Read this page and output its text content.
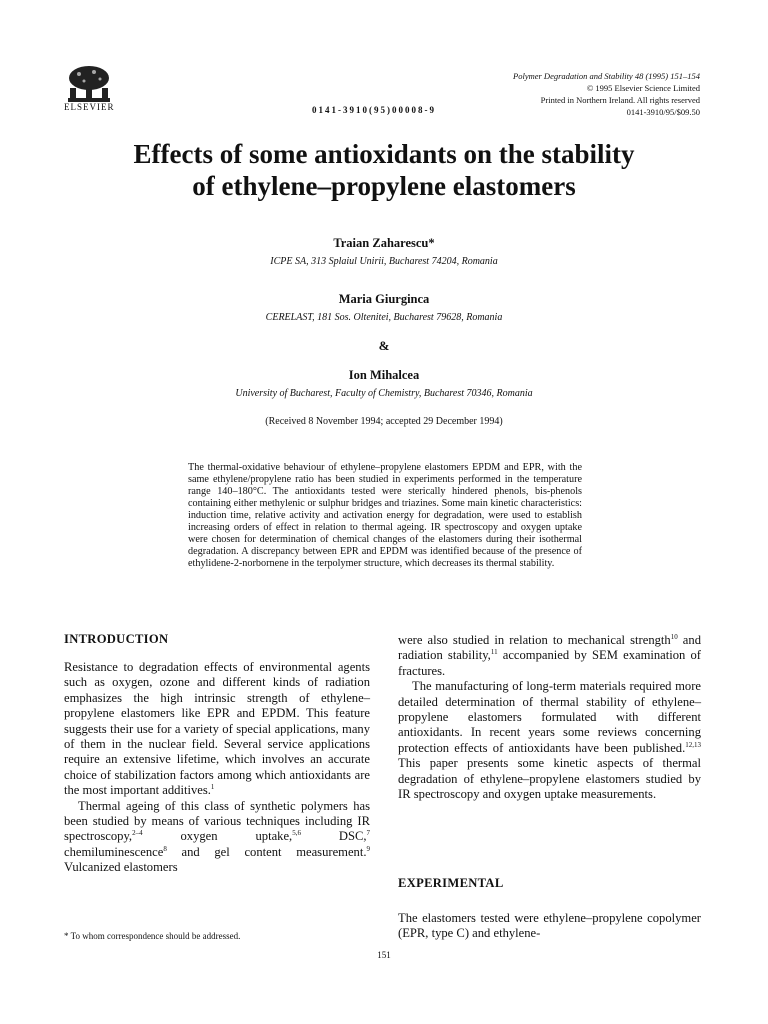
ELSEVIER	0141-3910(95)00008-9
Polymer Degradation and Stability 48 (1995) 151–154
© 1995 Elsevier Science Limited
Printed in Northern Ireland. All rights reserved
0141-3910/95/$09.50
Effects of some antioxidants on the stability
of ethylene–propylene elastomers
Traian Zaharescu*
ICPE SA, 313 Splaiul Unirii, Bucharest 74204, Romania
Maria Giurginca
CERELAST, 181 Sos. Oltenitei, Bucharest 79628, Romania
&
Ion Mihalcea
University of Bucharest, Faculty of Chemistry, Bucharest 70346, Romania
(Received 8 November 1994; accepted 29 December 1994)
The thermal-oxidative behaviour of ethylene–propylene elastomers EPDM and EPR, with the same ethylene/propylene ratio has been studied in experiments performed in the temperature range 140–180°C. The antioxidants tested were sterically hindered phenols, bis-phenols containing either methylenic or sulphur bridges and triazines. Some main kinetic characteristics: induction time, relative activity and activation energy for degradation, were used to establish increasing orders of effect in relation to thermal ageing. IR spectroscopy and oxygen uptake were chosen for determination of chemical changes of the elastomers during their isothermal degradation. A discrepancy between EPR and EPDM was identified because of the presence of ethylidene-2-norbornene in the terpolymer structure, which decreases its thermal stability.
INTRODUCTION

Resistance to degradation effects of environmental agents such as oxygen, ozone and different kinds of radiation emphasizes the high intrinsic strength of ethylene–propylene elastomers like EPR and EPDM. This feature suggests their use for a variety of special applications, many of them in the nuclear field. Several service applications require an extensive lifetime, which involves an accurate choice of stabilization factors among which antioxidants are the most important additives.$^1$

Thermal ageing of this class of synthetic polymers has been studied by means of various techniques including IR spectroscopy,$^{2-4}$ oxygen uptake,$^{5,6}$ DSC,$^7$ chemiluminescence$^8$ and gel content measurement.$^9$ Vulcanized elastomers

were also studied in relation to mechanical strength$^{10}$ and radiation stability,$^{11}$ accompanied by SEM examination of fractures.

The manufacturing of long-term materials required more detailed determination of thermal stability of ethylene–propylene elastomers formulated with different antioxidants. In recent years some reviews concerning protection effects of antioxidants have been published.$^{12,13}$ This paper presents some kinetic aspects of thermal degradation of ethylene–propylene elastomers studied by IR spectroscopy and oxygen uptake measurements.

EXPERIMENTAL
The elastomers tested were ethylene–propylene copolymer (EPR, type C) and ethylene-
* To whom correspondence should be addressed.
151
